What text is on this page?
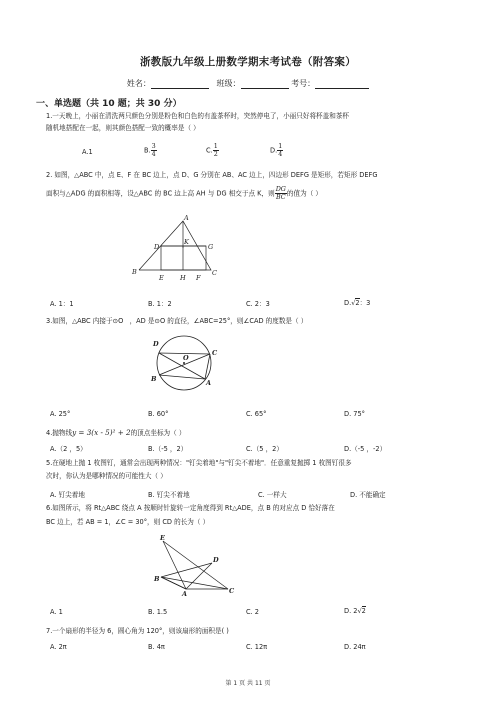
浙教版九年级上册数学期末考试卷（附答案）
姓名：	班级：	考号：
一、单选题（共 10 题；共 30 分）
1.一天晚上，小丽在清洗两只颜色分别是粉色和白色的有盖茶杯时，突然停电了，小丽只好将杯盖和茶杯
随机地搭配在一起，则其颜色搭配一致的概率是（ ）
A.1	B. $\frac{3}{4}$	C. $\frac{1}{2}$	D. $\frac{1}{4}$
2. 如图，△ABC 中，点 E、F 在 BC 边上，点 D、G 分别在 AB、AC 边上，四边形 DEFG 是矩形，若矩形 DEFG
面积与△ADG 的面积相等，设△ABC 的 BC 边上高 AH 与 DG 相交于点 K，则 $\frac{DG}{BC}$ 的值为（ ）
A
D
K
G
B
E	H F
C
A. 1：1	B. 1：2	C. 2：3	D.√2：3
3.如图，△ABC 内接于⊙O ，AD 是⊙O 的直径，∠ABC=25°，则∠CAD 的度数是（ ）
D
O
C
B	A
A. 25°	B. 60°	C. 65°	D. 75°
4.抛物线y = 3(x - 5)² + 2的顶点坐标为（ ）
A.（2 ，5）	B.（-5 ，2）	C.（5 ，2）	D.（-5 ，-2）
5.在硬地上抛 1 枚图钉，通常会出现两种情况："钉尖着地"与"钉尖不着地"．任意重复抛掷 1 枚图钉很多
次时，你认为是哪种情况的可能性大（ ）
A. 钉尖着地	B. 钉尖不着地	C. 一样大	D. 不能确定
6.如图所示，将 Rt△ABC 绕点 A 按顺时针旋转一定角度得到 Rt△ADE，点 B 的对应点 D 恰好落在
BC 边上，若 AB = 1，∠C = 30°，则 CD 的长为（ ）
E
D
B
A	C
A. 1	B. 1.5	C. 2	D. 2√2
7.一个扇形的半径为 6，圆心角为 120°，则该扇形的面积是( )
A. 2π	B. 4π	C. 12π	D. 24π
第 1 页 共 11 页
